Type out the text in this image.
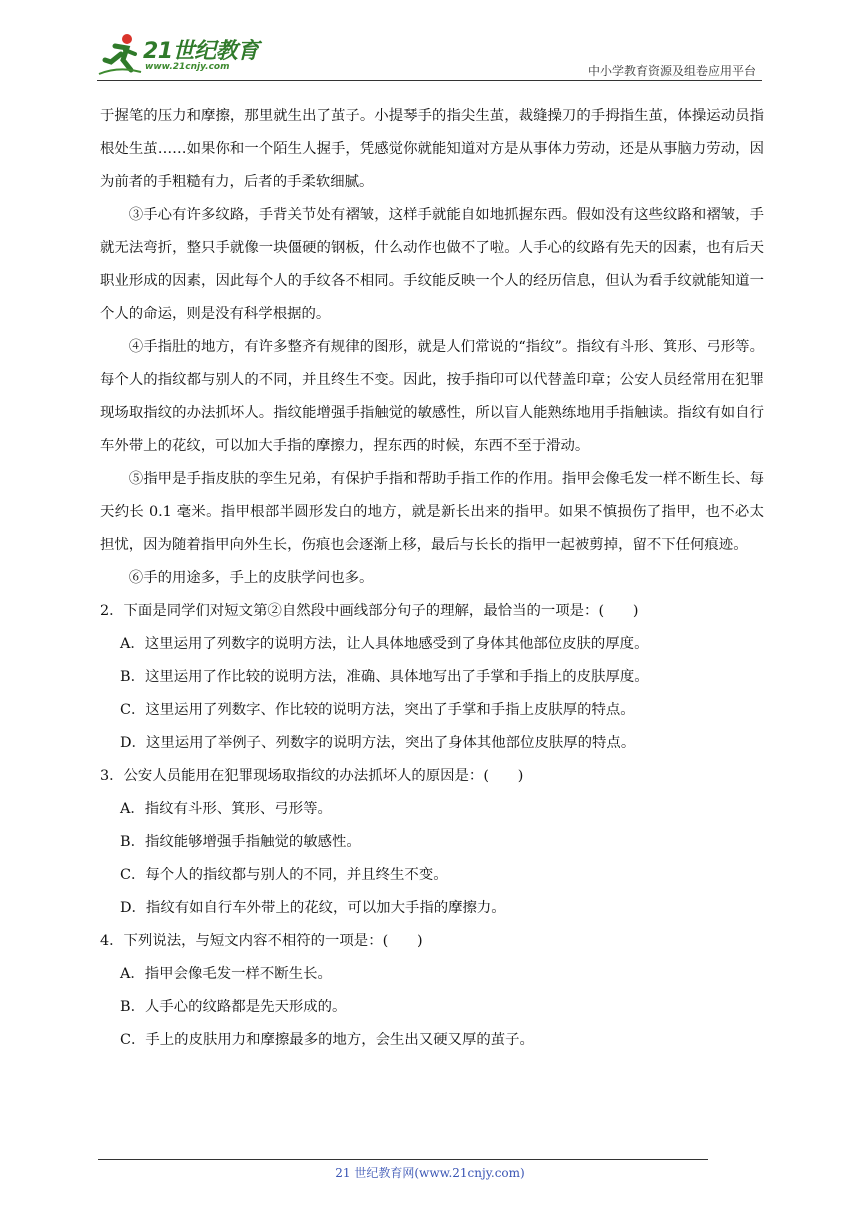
21世纪教育
www.21cnjy.com	中小学教育资源及组卷应用平台

于握笔的压力和摩擦，那里就生出了茧子。小提琴手的指尖生茧，裁缝操刀的手拇指生茧，体操运动员指根处生茧……如果你和一个陌生人握手，凭感觉你就能知道对方是从事体力劳动，还是从事脑力劳动，因为前者的手粗糙有力，后者的手柔软细腻。

③手心有许多纹路，手背关节处有褶皱，这样手就能自如地抓握东西。假如没有这些纹路和褶皱，手就无法弯折，整只手就像一块僵硬的钢板，什么动作也做不了啦。人手心的纹路有先天的因素，也有后天职业形成的因素，因此每个人的手纹各不相同。手纹能反映一个人的经历信息，但认为看手纹就能知道一个人的命运，则是没有科学根据的。

④手指肚的地方，有许多整齐有规律的图形，就是人们常说的“指纹”。指纹有斗形、箕形、弓形等。每个人的指纹都与别人的不同，并且终生不变。因此，按手指印可以代替盖印章；公安人员经常用在犯罪现场取指纹的办法抓坏人。指纹能增强手指触觉的敏感性，所以盲人能熟练地用手指触读。指纹有如自行车外带上的花纹，可以加大手指的摩擦力，捏东西的时候，东西不至于滑动。

⑤指甲是手指皮肤的孪生兄弟，有保护手指和帮助手指工作的作用。指甲会像毛发一样不断生长、每天约长 0.1 毫米。指甲根部半圆形发白的地方，就是新长出来的指甲。如果不慎损伤了指甲，也不必太担忧，因为随着指甲向外生长，伤痕也会逐渐上移，最后与长长的指甲一起被剪掉，留不下任何痕迹。

⑥手的用途多，手上的皮肤学问也多。

2．下面是同学们对短文第②自然段中画线部分句子的理解，最恰当的一项是：(　　)

A．这里运用了列数字的说明方法，让人具体地感受到了身体其他部位皮肤的厚度。

B．这里运用了作比较的说明方法，准确、具体地写出了手掌和手指上的皮肤厚度。

C．这里运用了列数字、作比较的说明方法，突出了手掌和手指上皮肤厚的特点。

D．这里运用了举例子、列数字的说明方法，突出了身体其他部位皮肤厚的特点。

3．公安人员能用在犯罪现场取指纹的办法抓坏人的原因是：(　　)

A．指纹有斗形、箕形、弓形等。

B．指纹能够增强手指触觉的敏感性。

C．每个人的指纹都与别人的不同，并且终生不变。

D．指纹有如自行车外带上的花纹，可以加大手指的摩擦力。

4．下列说法，与短文内容不相符的一项是：(　　)

A．指甲会像毛发一样不断生长。

B．人手心的纹路都是先天形成的。

C．手上的皮肤用力和摩擦最多的地方，会生出又硬又厚的茧子。

21 世纪教育网(www.21cnjy.com)
